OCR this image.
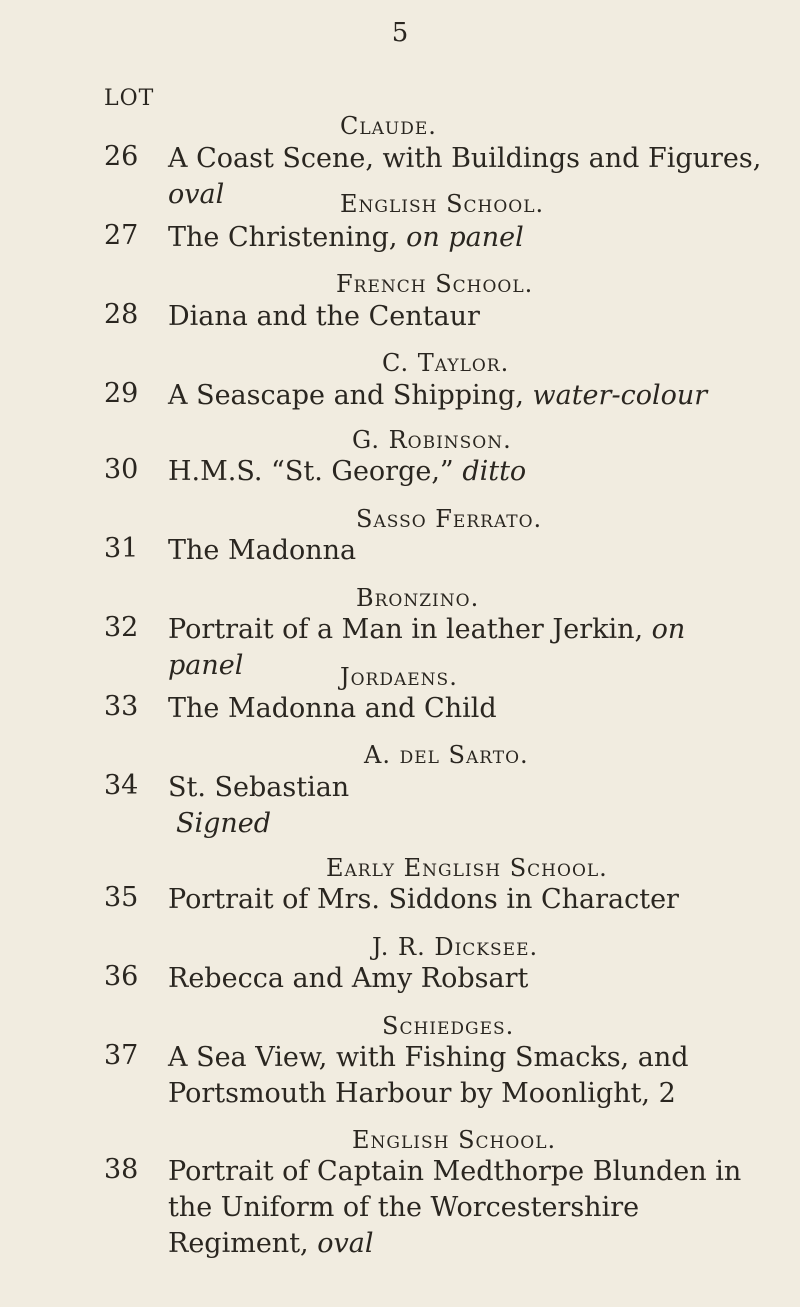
5
LOT
Claude.
26 A Coast Scene, with Buildings and Figures, oval	English School.
27 The Christening, on panel
French School.
28 Diana and the Centaur
C. Taylor.
29 A Seascape and Shipping, water-colour
G. Robinson.
30 H.M.S. “St. George,” ditto
Sasso Ferrato.
31 The Madonna
Bronzino.
32 Portrait of a Man in leather Jerkin, on panel	Jordaens.
33 The Madonna and Child
A. del Sarto.
34 St. Sebastian
Signed
Early English School.
35 Portrait of Mrs. Siddons in Character
J. R. Dicksee.
36 Rebecca and Amy Robsart
Schiedges.
37 A Sea View, with Fishing Smacks, and Portsmouth Harbour by Moonlight, 2
English School.
38 Portrait of Captain Medthorpe Blunden in the Uniform of the Worcestershire Regiment, oval
